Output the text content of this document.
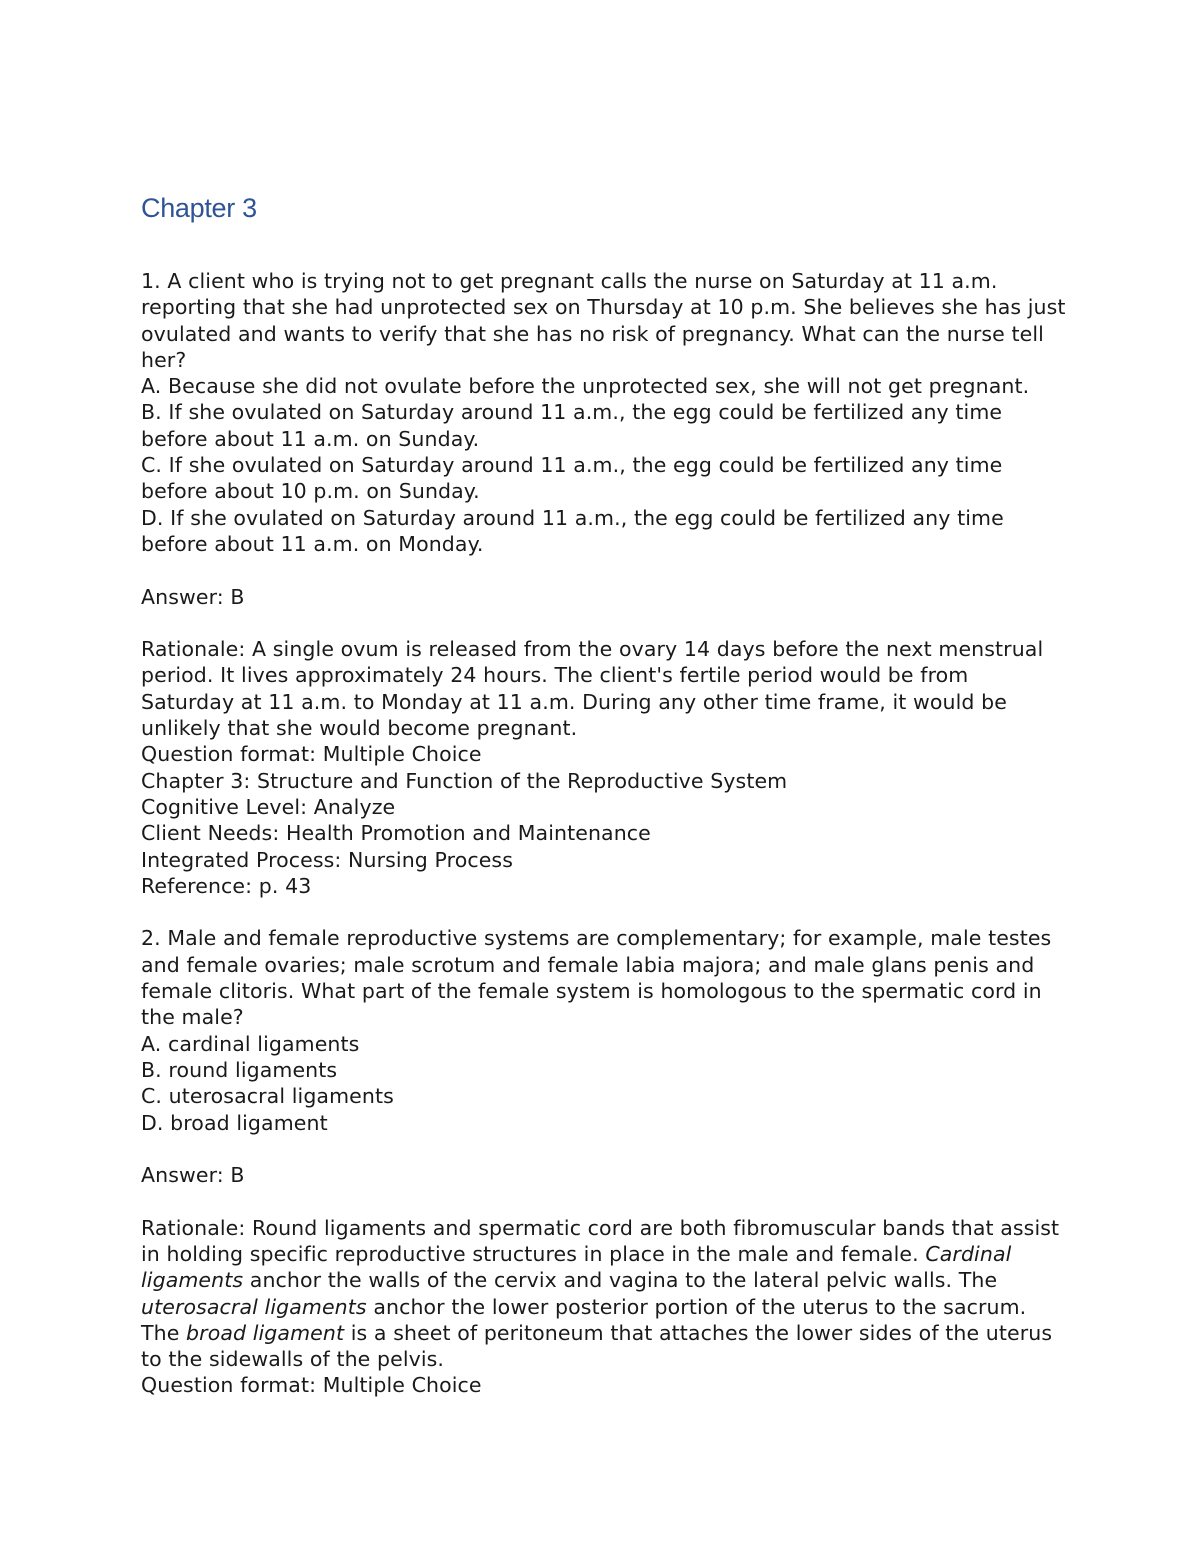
Chapter 3

1. A client who is trying not to get pregnant calls the nurse on Saturday at 11 a.m. reporting that she had unprotected sex on Thursday at 10 p.m. She believes she has just ovulated and wants to verify that she has no risk of pregnancy. What can the nurse tell her?

A. Because she did not ovulate before the unprotected sex, she will not get pregnant.

B. If she ovulated on Saturday around 11 a.m., the egg could be fertilized any time before about 11 a.m. on Sunday.

C. If she ovulated on Saturday around 11 a.m., the egg could be fertilized any time before about 10 p.m. on Sunday.

D. If she ovulated on Saturday around 11 a.m., the egg could be fertilized any time before about 11 a.m. on Monday.

Answer: B

Rationale: A single ovum is released from the ovary 14 days before the next menstrual period. It lives approximately 24 hours. The client's fertile period would be from Saturday at 11 a.m. to Monday at 11 a.m. During any other time frame, it would be unlikely that she would become pregnant.

Question format: Multiple Choice

Chapter 3: Structure and Function of the Reproductive System

Cognitive Level: Analyze

Client Needs: Health Promotion and Maintenance

Integrated Process: Nursing Process

Reference: p. 43

2. Male and female reproductive systems are complementary; for example, male testes and female ovaries; male scrotum and female labia majora; and male glans penis and female clitoris. What part of the female system is homologous to the spermatic cord in the male?

A. cardinal ligaments

B. round ligaments

C. uterosacral ligaments

D. broad ligament

Answer: B

Rationale: Round ligaments and spermatic cord are both fibromuscular bands that assist in holding specific reproductive structures in place in the male and female. Cardinal ligaments anchor the walls of the cervix and vagina to the lateral pelvic walls. The uterosacral ligaments anchor the lower posterior portion of the uterus to the sacrum. The broad ligament is a sheet of peritoneum that attaches the lower sides of the uterus to the sidewalls of the pelvis.

Question format: Multiple Choice
